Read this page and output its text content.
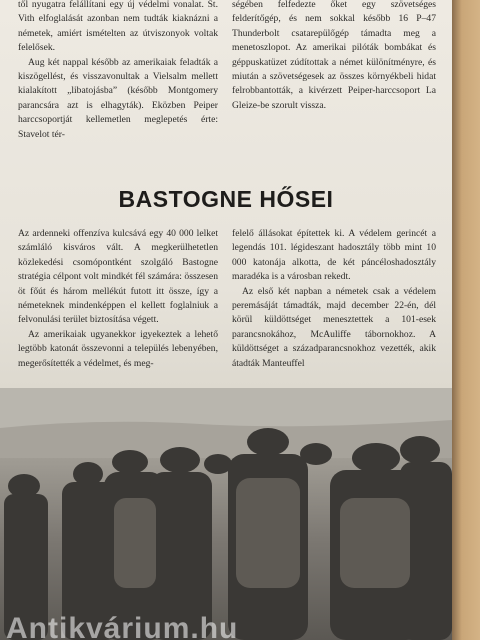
től nyugatra felállítani egy új védelmi vonalat. St. Vith elfoglalását azonban nem tudták kiaknázni a németek, amiért ismételten az útviszonyok voltak felelősek.

Aug két nappal később az amerikaiak feladták a kiszögellést, és visszavonultak a Vielsalm mellett kialakított „libatojásba” (később Montgomery parancsára azt is elhagyták). Eközben Peiper harccsoportját kellemetlen meglepetés érte: Stavelot tér-

ségében felfedezte őket egy szövetséges felderítőgép, és nem sokkal később 16 P–47 Thunderbolt csatarepülőgép támadta meg a menetoszlopot. Az amerikai pilóták bombákat és géppuskatüzet zúdítottak a német különítményre, és miután a szövetségesek az összes környékbeli hidat felrobbantották, a kivérzett Peiper-harccsoport La Gleize-be szorult vissza.

BASTOGNE HŐSEI

Az ardenneki offenzíva kulcsává egy 40 000 lelket számláló kisváros vált. A megkerülhetetlen közlekedési csomópontként szolgáló Bastogne stratégia célpont volt mindkét fél számára: összesen öt főút és három mellékút futott itt össze, így a németeknek mindenképpen el kellett foglalniuk a felvonulási terület biztosítása végett.

Az amerikaiak ugyanekkor igyekeztek a lehető legtöbb katonát összevonni a település lebenyében, megerősítették a védelmet, és meg-

felelő állásokat építettek ki. A védelem gerincét a legendás 101. légideszant hadosztály több mint 10 000 katonája alkotta, de két páncéloshadosztály maradéka is a városban rekedt.

Az első két napban a németek csak a védelem peremásáját támadták, majd december 22-én, dél körül küldöttséget menesztettek a 101-esek parancsnokához, McAuliffe tábornokhoz. A küldöttséget a századparancsnokhoz vezették, akik átadták Manteuffel

Antikvárium.hu
